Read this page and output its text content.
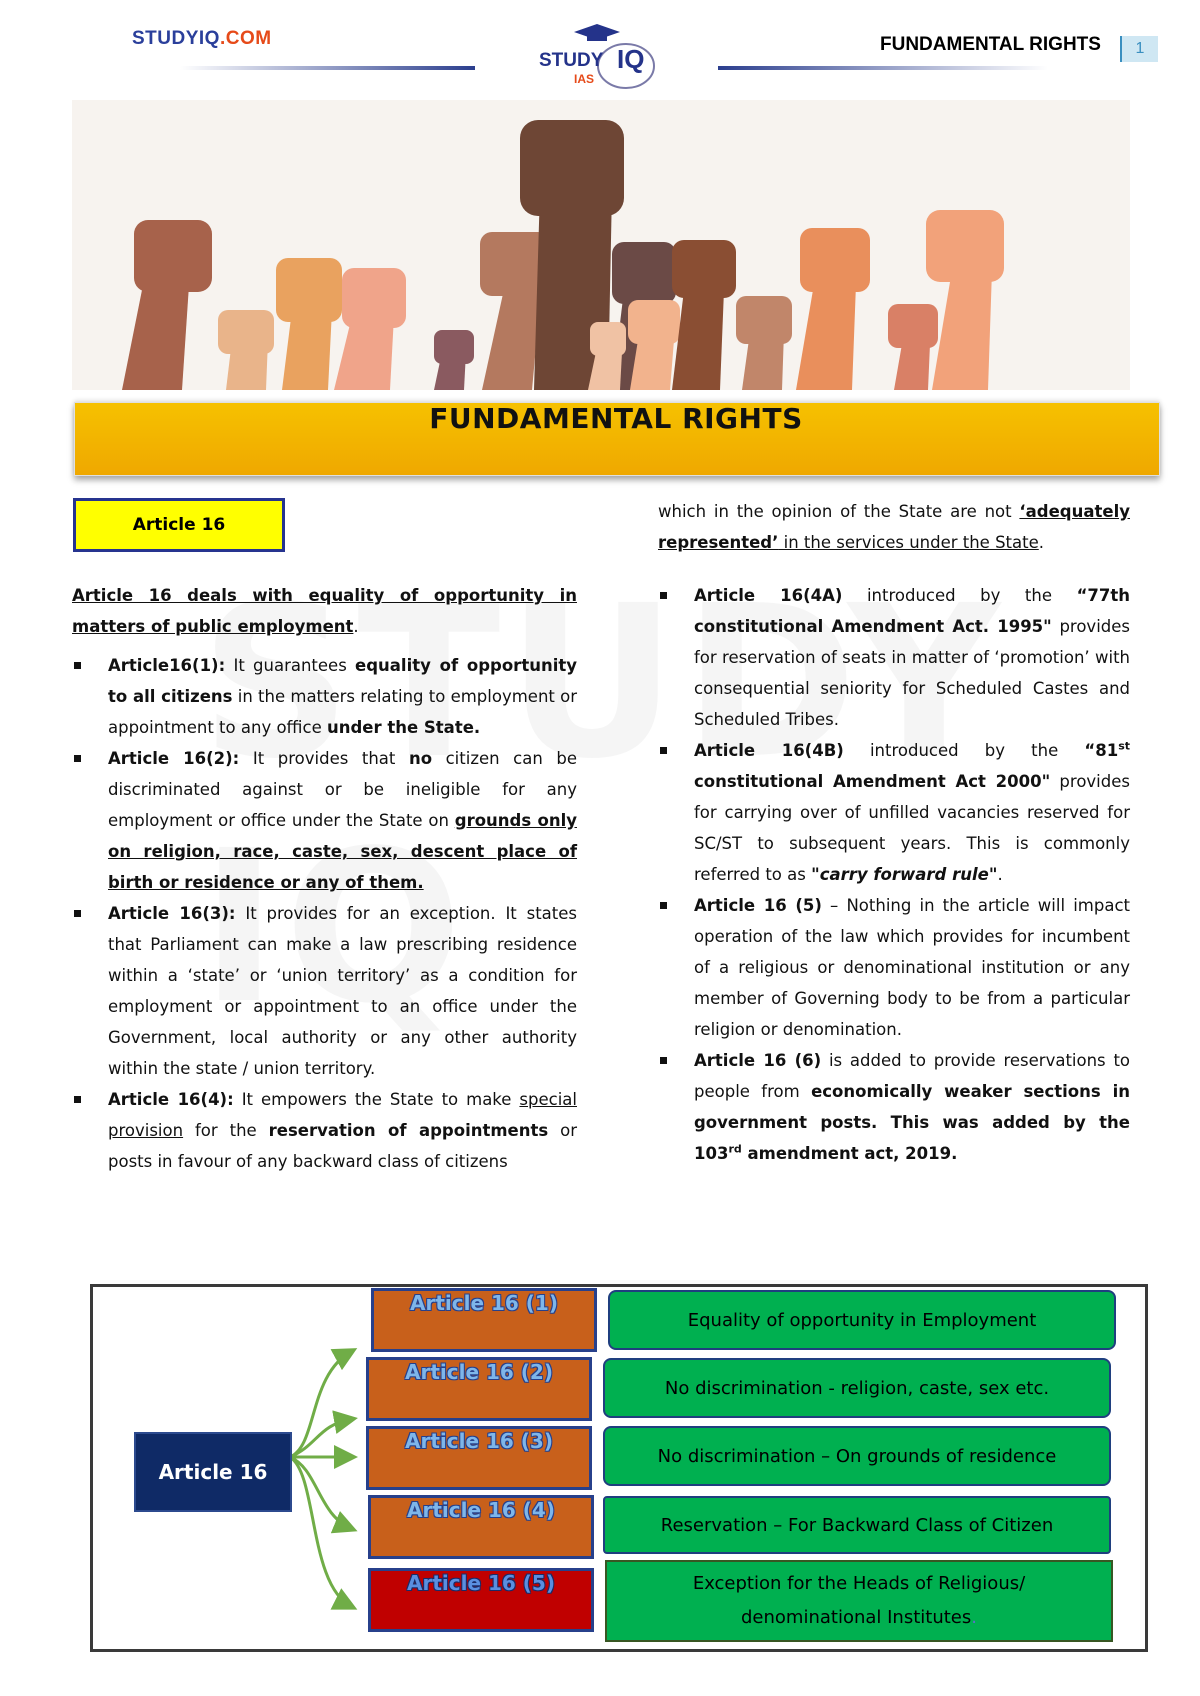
STUDYIQ.COM
STUDY IQ
IAS
FUNDAMENTAL RIGHTS	1
FUNDAMENTAL RIGHTS
Article 16

Article 16 deals with equality of opportunity in matters of public employment.

Article16(1): It guarantees equality of opportunity to all citizens in the matters relating to employment or appointment to any office under the State.

Article 16(2): It provides that no citizen can be discriminated against or be ineligible for any employment or office under the State on grounds only on religion, race, caste, sex, descent place of birth or residence or any of them.

Article 16(3): It provides for an exception. It states that Parliament can make a law prescribing residence within a ‘state’ or ‘union territory’ as a condition for employment or appointment to an office under the Government, local authority or any other authority within the state / union territory.

Article 16(4): It empowers the State to make special provision for the reservation of appointments or posts in favour of any backward class of citizens

which in the opinion of the State are not ‘adequately represented’ in the services under the State.

Article 16(4A) introduced by the “77th constitutional Amendment Act. 1995" provides for reservation of seats in matter of ‘promotion’ with consequential seniority for Scheduled Castes and Scheduled Tribes.

Article 16(4B) introduced by the “81st constitutional Amendment Act 2000" provides for carrying over of unfilled vacancies reserved for SC/ST to subsequent years. This is commonly referred to as "carry forward rule".

Article 16 (5) – Nothing in the article will impact operation of the law which provides for incumbent of a religious or denominational institution or any member of Governing body to be from a particular religion or denomination.

Article 16 (6) is added to provide reservations to people from economically weaker sections in government posts. This was added by the 103rd amendment act, 2019.

Article 16
Article 16 (1)
Article 16 (2)
Article 16 (3)
Article 16 (4)
Article 16 (5)
Equality of opportunity in Employment
No discrimination - religion, caste, sex etc.
No discrimination – On grounds of residence
Reservation – For Backward Class of Citizen
Exception for the Heads of Religious/
denominational Institutes.
